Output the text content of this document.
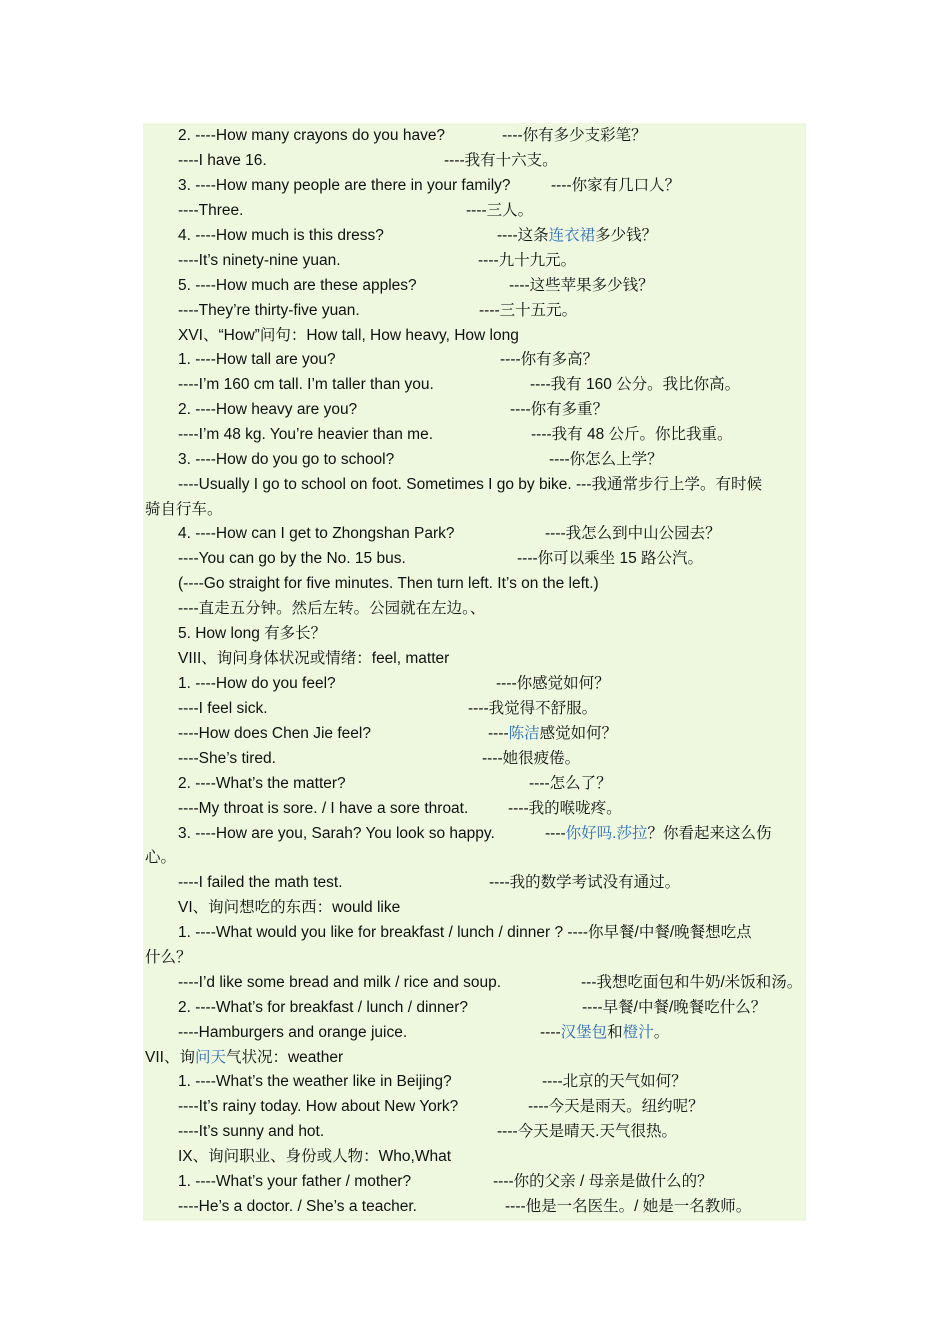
2. ----How many crayons do you have?	----你有多少支彩笔？
----I have 16.	----我有十六支。
3. ----How many people are there in your family?	----你家有几口人？
----Three.	----三人。
4. ----How much is this dress?	----这条连衣裙多少钱？
----It’s ninety-nine yuan.	----九十九元。
5. ----How much are these apples?	----这些苹果多少钱？
----They’re thirty-five yuan.	----三十五元。
XVI、“How”问句：How tall, How heavy, How long
1. ----How tall are you?	----你有多高？
----I’m 160 cm tall. I’m taller than you.	----我有 160 公分。我比你高。
2. ----How heavy are you?	----你有多重？
----I’m 48 kg. You’re heavier than me.	----我有 48 公斤。你比我重。
3. ----How do you go to school?	----你怎么上学？
----Usually I go to school on foot. Sometimes I go by bike. ---我通常步行上学。有时候
骑自行车。
4. ----How can I get to Zhongshan Park?	----我怎么到中山公园去？
----You can go by the No. 15 bus.	----你可以乘坐 15 路公汽。
(----Go straight for five minutes. Then turn left. It’s on the left.)
----直走五分钟。然后左转。公园就在左边。、
5. How long 有多长？
VIII、询问身体状况或情绪：feel, matter
1. ----How do you feel?	----你感觉如何？
----I feel sick.	----我觉得不舒服。
----How does Chen Jie feel?	----陈洁感觉如何？
----She’s tired.	----她很疲倦。
2. ----What’s the matter?	----怎么了？
----My throat is sore. / I have a sore throat.	----我的喉咙疼。
3. ----How are you, Sarah? You look so happy.	----你好吗.莎拉？你看起来这么伤
心。
----I failed the math test.	----我的数学考试没有通过。
VI、询问想吃的东西：would like
1. ----What would you like for breakfast / lunch / dinner ? ----你早餐/中餐/晚餐想吃点
什么？
----I’d like some bread and milk / rice and soup.	---我想吃面包和牛奶/米饭和汤。
2. ----What’s for breakfast / lunch / dinner?	----早餐/中餐/晚餐吃什么？
----Hamburgers and orange juice.	----汉堡包和橙汁。
VII、询问天气状况：weather
1. ----What’s the weather like in Beijing?	----北京的天气如何？
----It’s rainy today. How about New York?	----今天是雨天。纽约呢？
----It’s sunny and hot.	----今天是晴天.天气很热。
IX、询问职业、身份或人物：Who,What
1. ----What’s your father / mother?	----你的父亲 / 母亲是做什么的？
----He’s a doctor. / She’s a teacher.	----他是一名医生。/ 她是一名教师。
